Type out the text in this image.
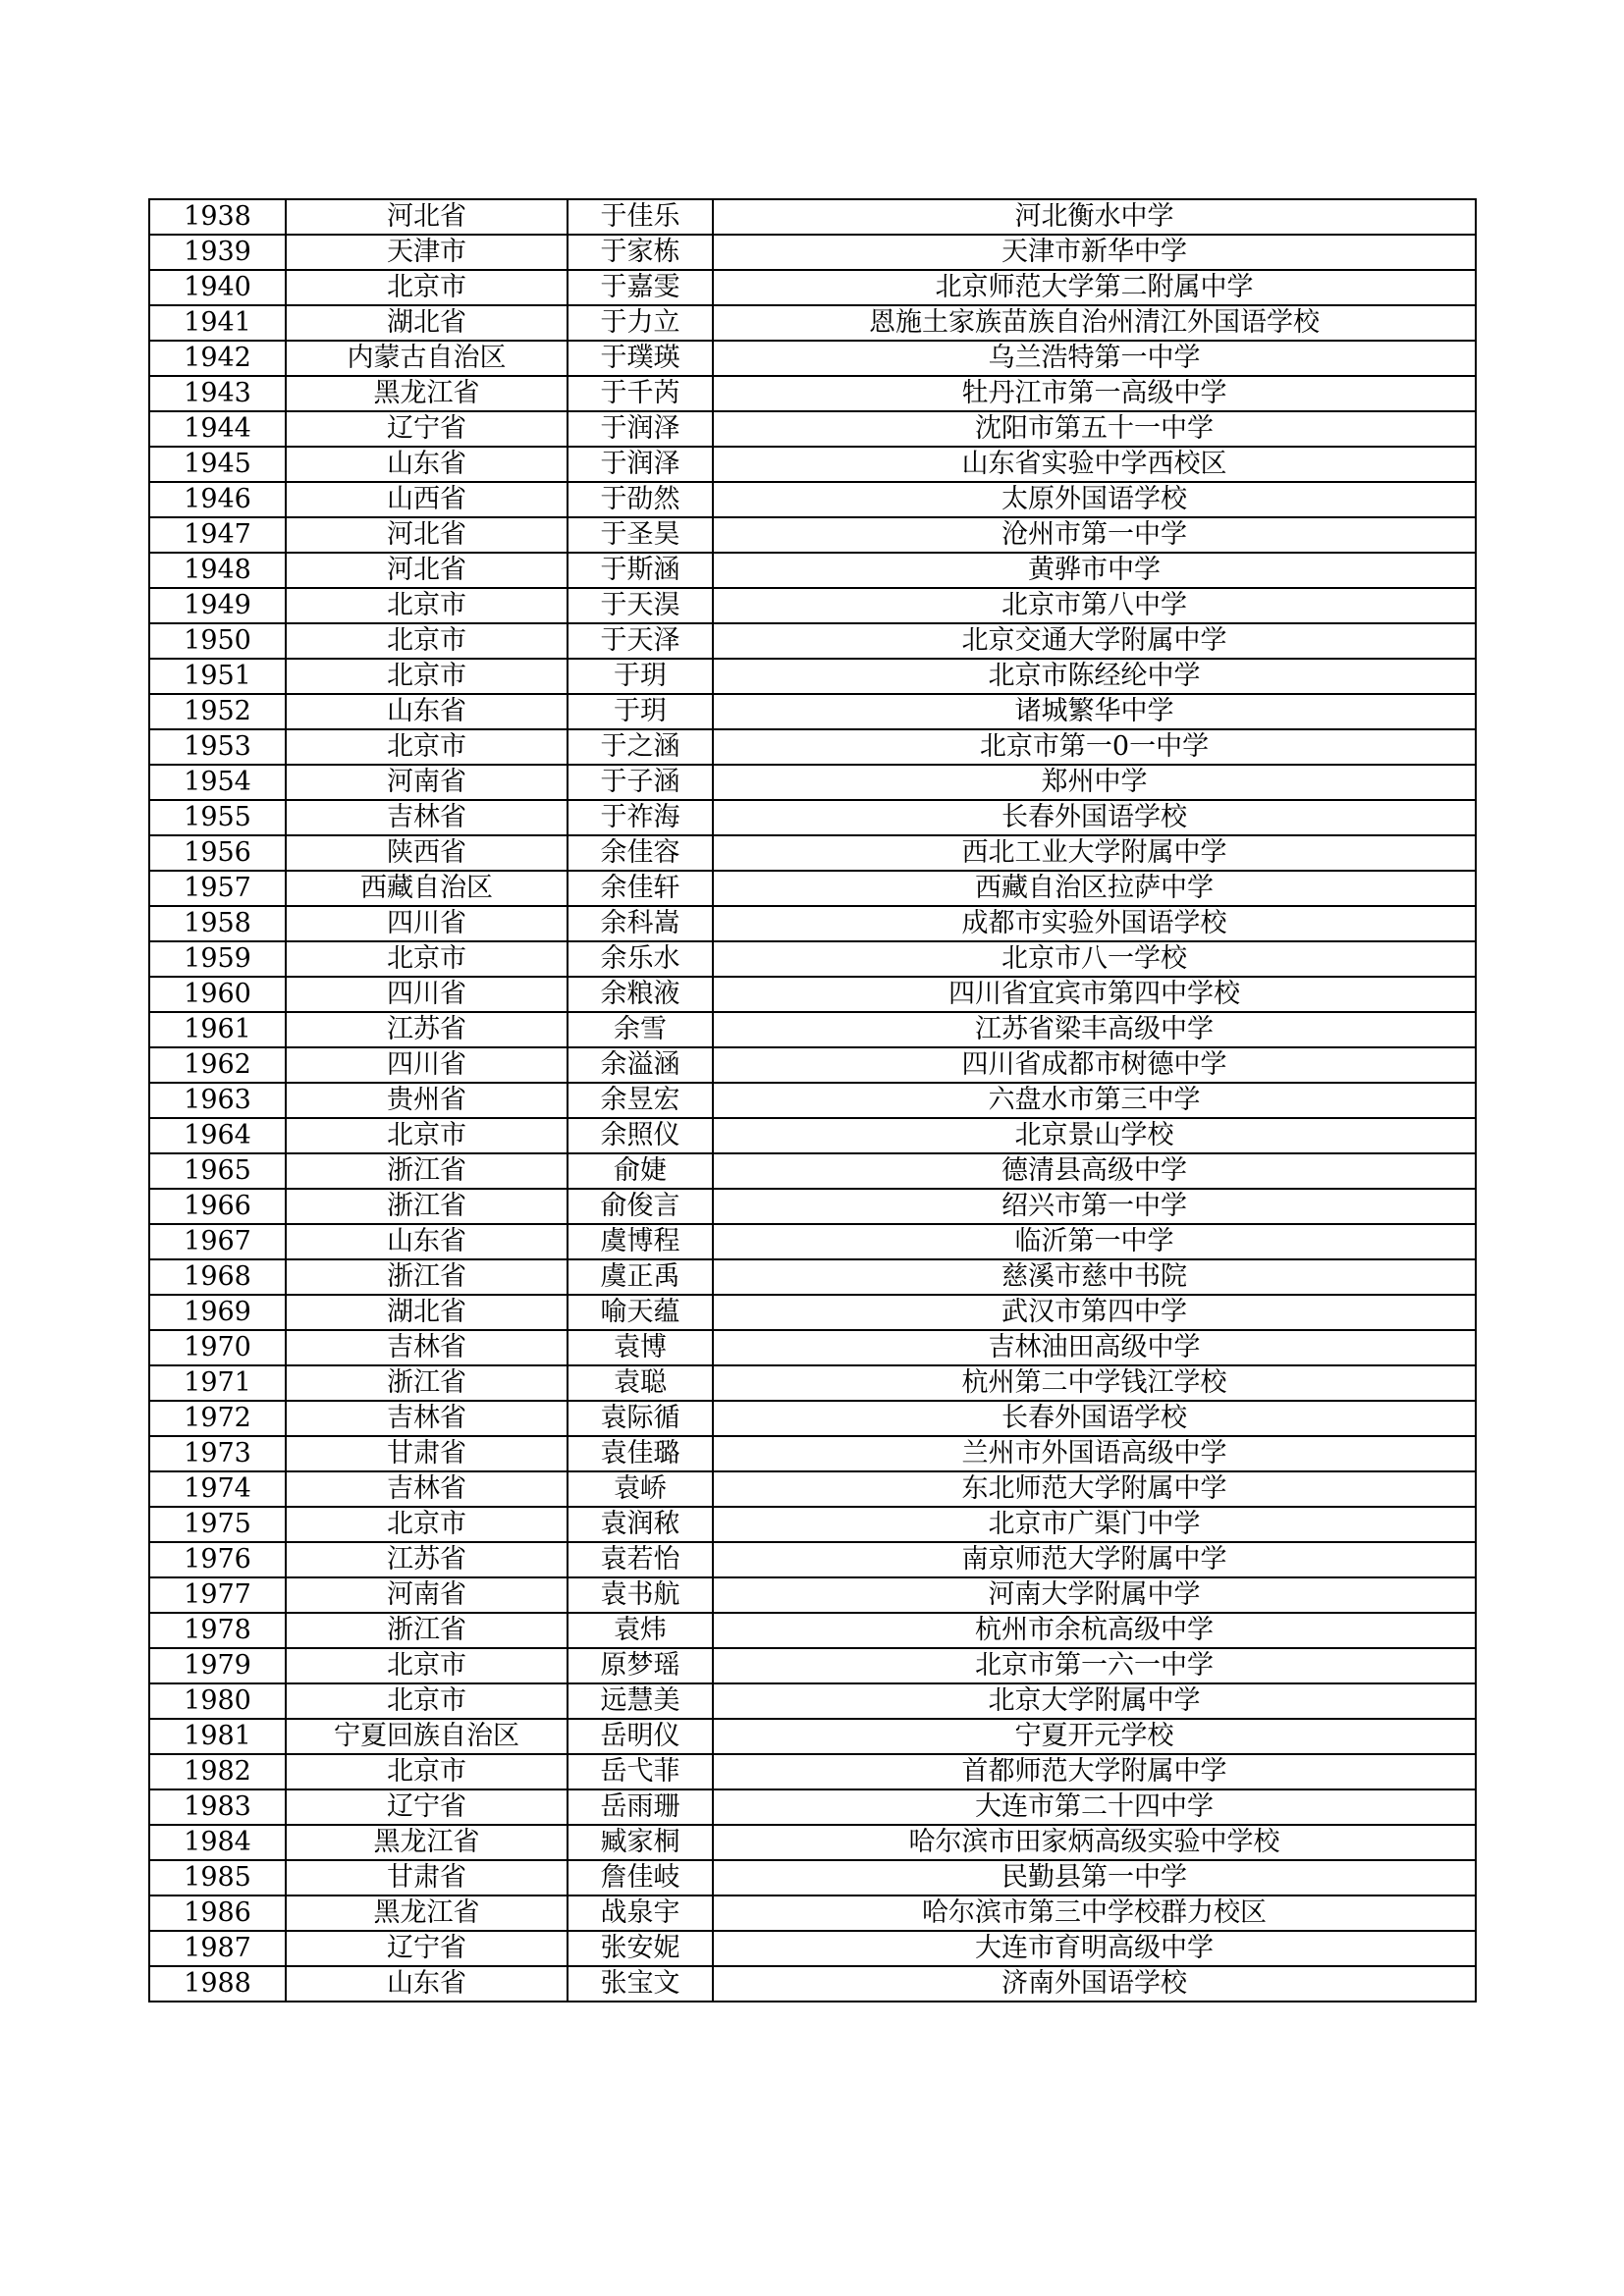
1938	河北省	于佳乐	河北衡水中学
1939	天津市	于家栋	天津市新华中学
1940	北京市	于嘉雯	北京师范大学第二附属中学
1941	湖北省	于力立	恩施土家族苗族自治州清江外国语学校
1942	内蒙古自治区	于璞瑛	乌兰浩特第一中学
1943	黑龙江省	于千芮	牡丹江市第一高级中学
1944	辽宁省	于润泽	沈阳市第五十一中学
1945	山东省	于润泽	山东省实验中学西校区
1946	山西省	于劭然	太原外国语学校
1947	河北省	于圣昊	沧州市第一中学
1948	河北省	于斯涵	黄骅市中学
1949	北京市	于天淏	北京市第八中学
1950	北京市	于天泽	北京交通大学附属中学
1951	北京市	于玥	北京市陈经纶中学
1952	山东省	于玥	诸城繁华中学
1953	北京市	于之涵	北京市第一0一中学
1954	河南省	于子涵	郑州中学
1955	吉林省	于祚海	长春外国语学校
1956	陕西省	余佳容	西北工业大学附属中学
1957	西藏自治区	余佳轩	西藏自治区拉萨中学
1958	四川省	余科嵩	成都市实验外国语学校
1959	北京市	余乐水	北京市八一学校
1960	四川省	余粮液	四川省宜宾市第四中学校
1961	江苏省	余雪	江苏省梁丰高级中学
1962	四川省	余溢涵	四川省成都市树德中学
1963	贵州省	余昱宏	六盘水市第三中学
1964	北京市	余照仪	北京景山学校
1965	浙江省	俞婕	德清县高级中学
1966	浙江省	俞俊言	绍兴市第一中学
1967	山东省	虞博程	临沂第一中学
1968	浙江省	虞正禹	慈溪市慈中书院
1969	湖北省	喻天蕴	武汉市第四中学
1970	吉林省	袁博	吉林油田高级中学
1971	浙江省	袁聪	杭州第二中学钱江学校
1972	吉林省	袁际循	长春外国语学校
1973	甘肃省	袁佳璐	兰州市外国语高级中学
1974	吉林省	袁峤	东北师范大学附属中学
1975	北京市	袁润秾	北京市广渠门中学
1976	江苏省	袁若怡	南京师范大学附属中学
1977	河南省	袁书航	河南大学附属中学
1978	浙江省	袁炜	杭州市余杭高级中学
1979	北京市	原梦瑶	北京市第一六一中学
1980	北京市	远慧美	北京大学附属中学
1981	宁夏回族自治区	岳明仪	宁夏开元学校
1982	北京市	岳弋菲	首都师范大学附属中学
1983	辽宁省	岳雨珊	大连市第二十四中学
1984	黑龙江省	臧家桐	哈尔滨市田家炳高级实验中学校
1985	甘肃省	詹佳岐	民勤县第一中学
1986	黑龙江省	战泉宇	哈尔滨市第三中学校群力校区
1987	辽宁省	张安妮	大连市育明高级中学
1988	山东省	张宝文	济南外国语学校
